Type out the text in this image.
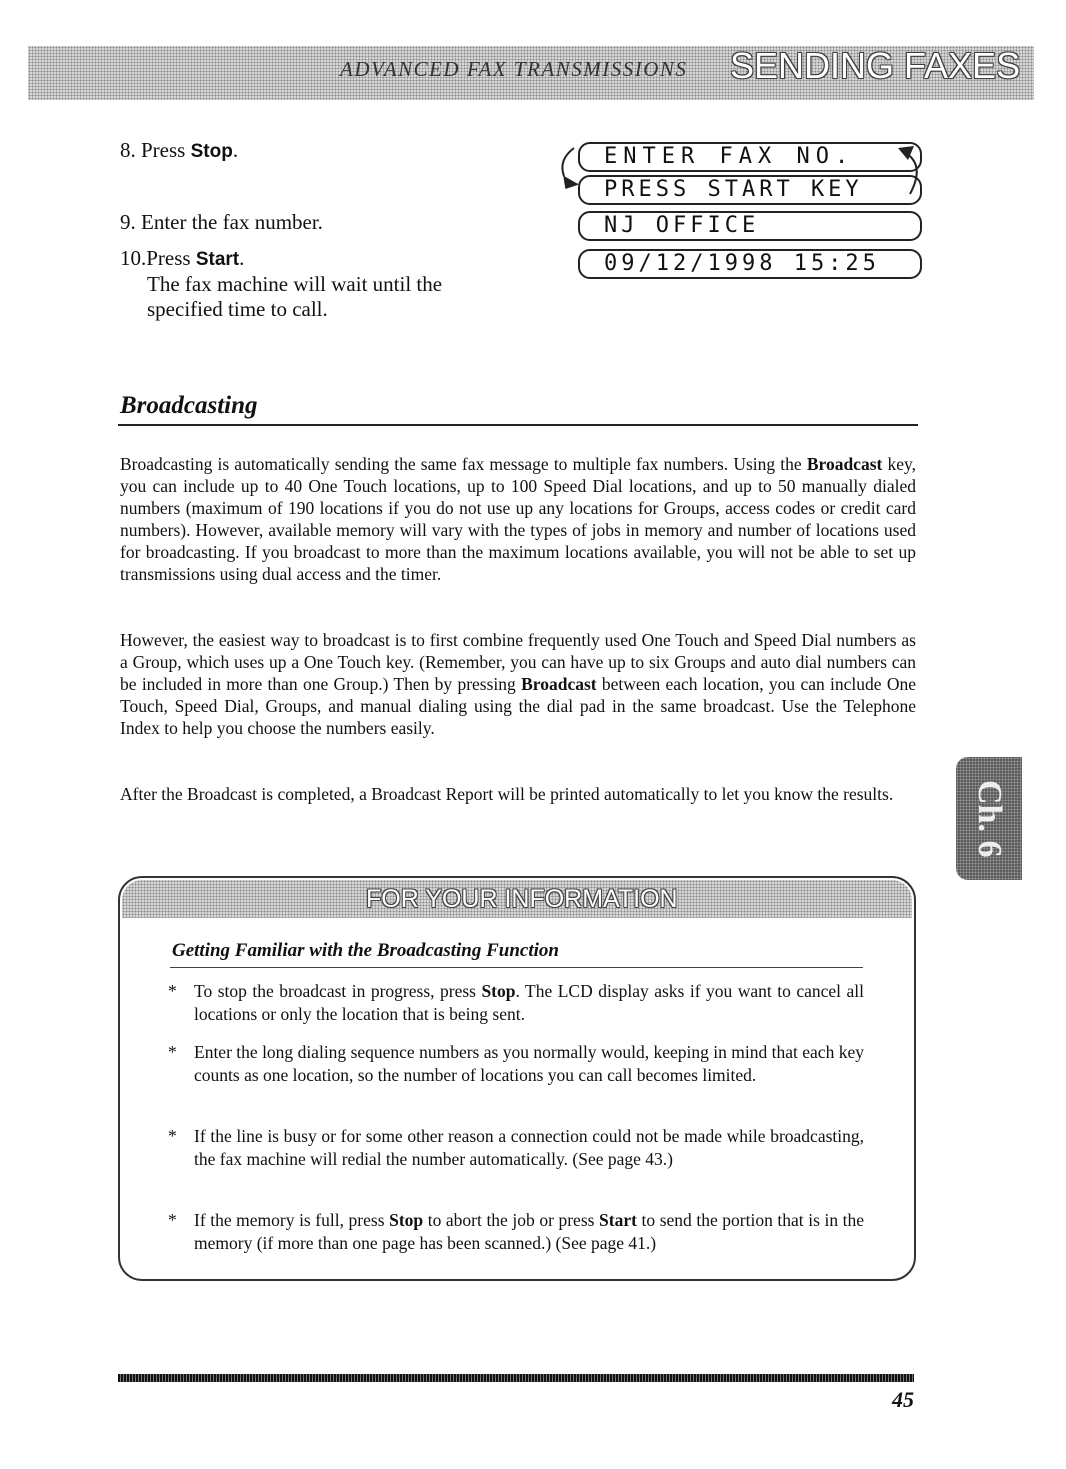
ADVANCED FAX TRANSMISSIONS	SENDING FAXES
8. Press Stop.
9. Enter the fax number.
10.Press Start.
The fax machine will wait until the specified time to call.
ENTER FAX NO.
PRESS START KEY
NJ OFFICE
09/12/1998 15:25
Broadcasting
Broadcasting is automatically sending the same fax message to multiple fax numbers. Using the Broadcast key, you can include up to 40 One Touch locations, up to 100 Speed Dial locations, and up to 50 manually dialed numbers (maximum of 190 locations if you do not use up any locations for Groups, access codes or credit card numbers). However, available memory will vary with the types of jobs in memory and number of locations used for broadcasting. If you broadcast to more than the maximum locations available, you will not be able to set up transmissions using dual access and the timer.
However, the easiest way to broadcast is to first combine frequently used One Touch and Speed Dial numbers as a Group, which uses up a One Touch key. (Remember, you can have up to six Groups and auto dial numbers can be included in more than one Group.) Then by pressing Broadcast between each location, you can include One Touch, Speed Dial, Groups, and manual dialing using the dial pad in the same broadcast. Use the Telephone Index to help you choose the numbers easily.
After the Broadcast is completed, a Broadcast Report will be printed automatically to let you know the results.	Ch. 6
FOR YOUR INFORMATION
Getting Familiar with the Broadcasting Function
* To stop the broadcast in progress, press Stop. The LCD display asks if you want to cancel all locations or only the location that is being sent.
* Enter the long dialing sequence numbers as you normally would, keeping in mind that each key counts as one location, so the number of locations you can call becomes limited.
* If the line is busy or for some other reason a connection could not be made while broadcasting, the fax machine will redial the number automatically. (See page 43.)
* If the memory is full, press Stop to abort the job or press Start to send the portion that is in the memory (if more than one page has been scanned.) (See page 41.)
45
